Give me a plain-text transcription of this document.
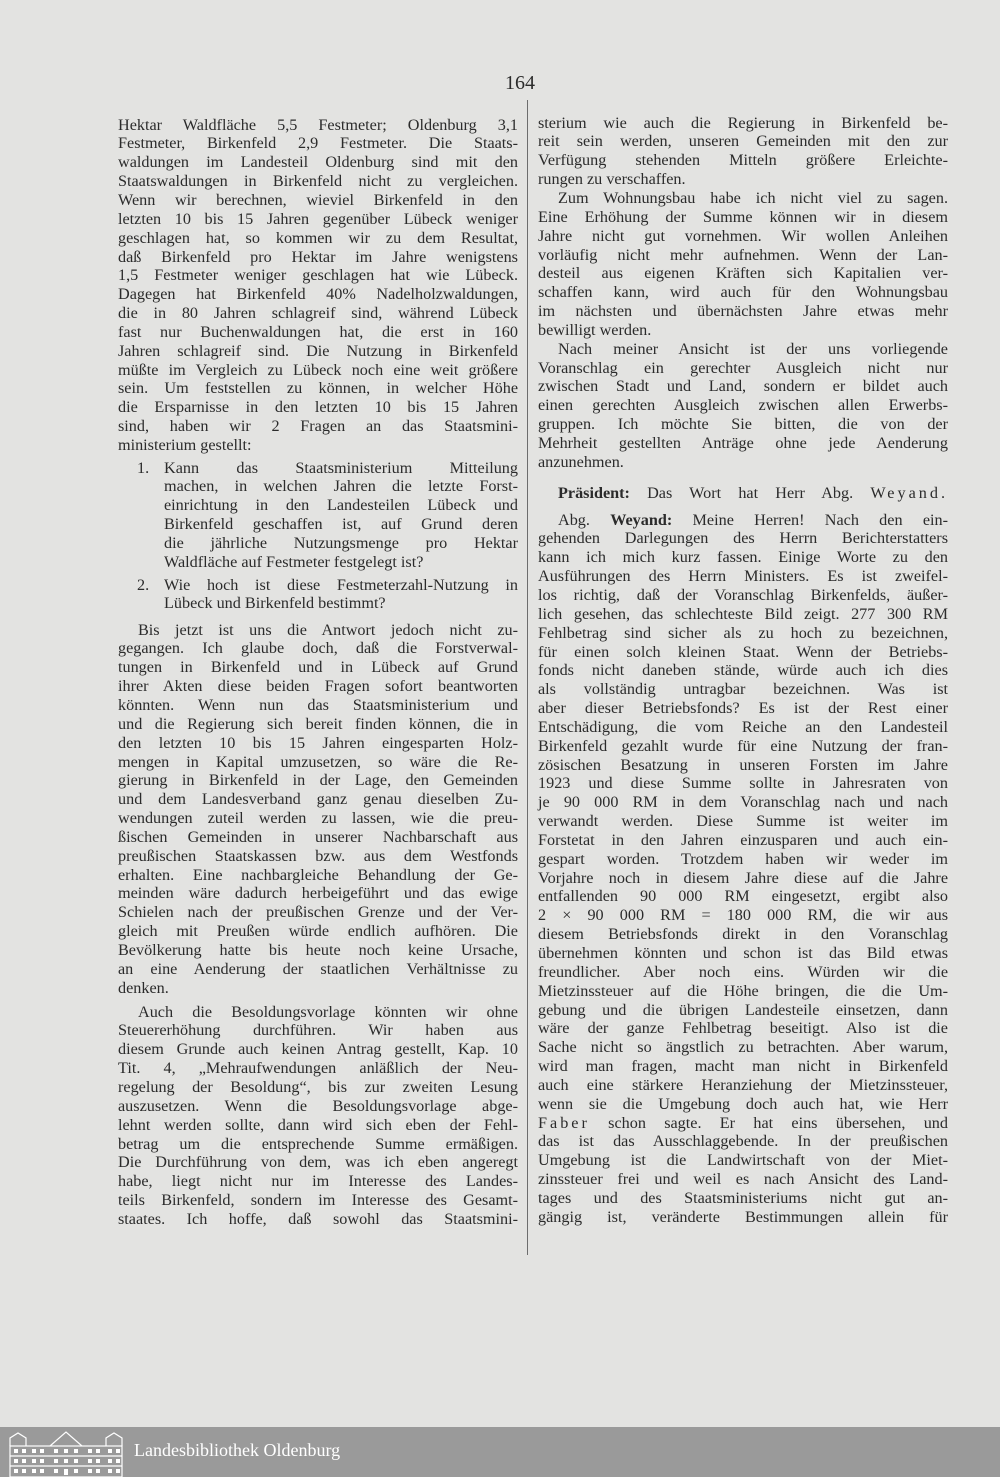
164
Hektar Waldfläche 5,5 Festmeter; Oldenburg 3,1
Festmeter, Birkenfeld 2,9 Festmeter. Die Staats-
waldungen im Landesteil Oldenburg sind mit den
Staatswaldungen in Birkenfeld nicht zu vergleichen.
Wenn wir berechnen, wieviel Birkenfeld in den
letzten 10 bis 15 Jahren gegenüber Lübeck weniger
geschlagen hat, so kommen wir zu dem Resultat,
daß Birkenfeld pro Hektar im Jahre wenigstens
1,5 Festmeter weniger geschlagen hat wie Lübeck.
Dagegen hat Birkenfeld 40% Nadelholzwaldungen,
die in 80 Jahren schlagreif sind, während Lübeck
fast nur Buchenwaldungen hat, die erst in 160
Jahren schlagreif sind. Die Nutzung in Birkenfeld
müßte im Vergleich zu Lübeck noch eine weit größere
sein. Um feststellen zu können, in welcher Höhe
die Ersparnisse in den letzten 10 bis 15 Jahren
sind, haben wir 2 Fragen an das Staatsmini-
ministerium gestellt:
1. Kann das Staatsministerium Mitteilung
machen, in welchen Jahren die letzte Forst-
einrichtung in den Landesteilen Lübeck und
Birkenfeld geschaffen ist, auf Grund deren
die jährliche Nutzungsmenge pro Hektar
Waldfläche auf Festmeter festgelegt ist?
2. Wie hoch ist diese Festmeterzahl-Nutzung in
Lübeck und Birkenfeld bestimmt?
Bis jetzt ist uns die Antwort jedoch nicht zu-
gegangen. Ich glaube doch, daß die Forstverwal-
tungen in Birkenfeld und in Lübeck auf Grund
ihrer Akten diese beiden Fragen sofort beantworten
könnten. Wenn nun das Staatsministerium und
und die Regierung sich bereit finden können, die in
den letzten 10 bis 15 Jahren eingesparten Holz-
mengen in Kapital umzusetzen, so wäre die Re-
gierung in Birkenfeld in der Lage, den Gemeinden
und dem Landesverband ganz genau dieselben Zu-
wendungen zuteil werden zu lassen, wie die preu-
ßischen Gemeinden in unserer Nachbarschaft aus
preußischen Staatskassen bzw. aus dem Westfonds
erhalten. Eine nachbargleiche Behandlung der Ge-
meinden wäre dadurch herbeigeführt und das ewige
Schielen nach der preußischen Grenze und der Ver-
gleich mit Preußen würde endlich aufhören. Die
Bevölkerung hatte bis heute noch keine Ursache,
an eine Aenderung der staatlichen Verhältnisse zu
denken.
Auch die Besoldungsvorlage könnten wir ohne
Steuererhöhung durchführen. Wir haben aus
diesem Grunde auch keinen Antrag gestellt, Kap. 10
Tit. 4, „Mehraufwendungen anläßlich der Neu-
regelung der Besoldung“, bis zur zweiten Lesung
auszusetzen. Wenn die Besoldungsvorlage abge-
lehnt werden sollte, dann wird sich eben der Fehl-
betrag um die entsprechende Summe ermäßigen.
Die Durchführung von dem, was ich eben angeregt
habe, liegt nicht nur im Interesse des Landes-
teils Birkenfeld, sondern im Interesse des Gesamt-
staates. Ich hoffe, daß sowohl das Staatsmini-
sterium wie auch die Regierung in Birkenfeld be-
reit sein werden, unseren Gemeinden mit den zur
Verfügung stehenden Mitteln größere Erleichte-
rungen zu verschaffen.
Zum Wohnungsbau habe ich nicht viel zu sagen.
Eine Erhöhung der Summe können wir in diesem
Jahre nicht gut vornehmen. Wir wollen Anleihen
vorläufig nicht mehr aufnehmen. Wenn der Lan-
desteil aus eigenen Kräften sich Kapitalien ver-
schaffen kann, wird auch für den Wohnungsbau
im nächsten und übernächsten Jahre etwas mehr
bewilligt werden.
Nach meiner Ansicht ist der uns vorliegende
Voranschlag ein gerechter Ausgleich nicht nur
zwischen Stadt und Land, sondern er bildet auch
einen gerechten Ausgleich zwischen allen Erwerbs-
gruppen. Ich möchte Sie bitten, die von der
Mehrheit gestellten Anträge ohne jede Aenderung
anzunehmen.
Präsident: Das Wort hat Herr Abg. Weyand.
Abg. Weyand: Meine Herren! Nach den ein-
gehenden Darlegungen des Herrn Berichterstatters
kann ich mich kurz fassen. Einige Worte zu den
Ausführungen des Herrn Ministers. Es ist zweifel-
los richtig, daß der Voranschlag Birkenfelds, äußer-
lich gesehen, das schlechteste Bild zeigt. 277 300 RM
Fehlbetrag sind sicher als zu hoch zu bezeichnen,
für einen solch kleinen Staat. Wenn der Betriebs-
fonds nicht daneben stände, würde auch ich dies
als vollständig untragbar bezeichnen. Was ist
aber dieser Betriebsfonds? Es ist der Rest einer
Entschädigung, die vom Reiche an den Landesteil
Birkenfeld gezahlt wurde für eine Nutzung der fran-
zösischen Besatzung in unseren Forsten im Jahre
1923 und diese Summe sollte in Jahresraten von
je 90 000 RM in dem Voranschlag nach und nach
verwandt werden. Diese Summe ist weiter im
Forstetat in den Jahren einzusparen und auch ein-
gespart worden. Trotzdem haben wir weder im
Vorjahre noch in diesem Jahre diese auf die Jahre
entfallenden 90 000 RM eingesetzt, ergibt also
2 × 90 000 RM = 180 000 RM, die wir aus
diesem Betriebsfonds direkt in den Voranschlag
übernehmen könnten und schon ist das Bild etwas
freundlicher. Aber noch eins. Würden wir die
Mietzinssteuer auf die Höhe bringen, die die Um-
gebung und die übrigen Landesteile einsetzen, dann
wäre der ganze Fehlbetrag beseitigt. Also ist die
Sache nicht so ängstlich zu betrachten. Aber warum,
wird man fragen, macht man nicht in Birkenfeld
auch eine stärkere Heranziehung der Mietzinssteuer,
wenn sie die Umgebung doch auch hat, wie Herr
Faber schon sagte. Er hat eins übersehen, und
das ist das Ausschlaggebende. In der preußischen
Umgebung ist die Landwirtschaft von der Miet-
zinssteuer frei und weil es nach Ansicht des Land-
tages und des Staatsministeriums nicht gut an-
gängig ist, veränderte Bestimmungen allein für
Landesbibliothek Oldenburg
